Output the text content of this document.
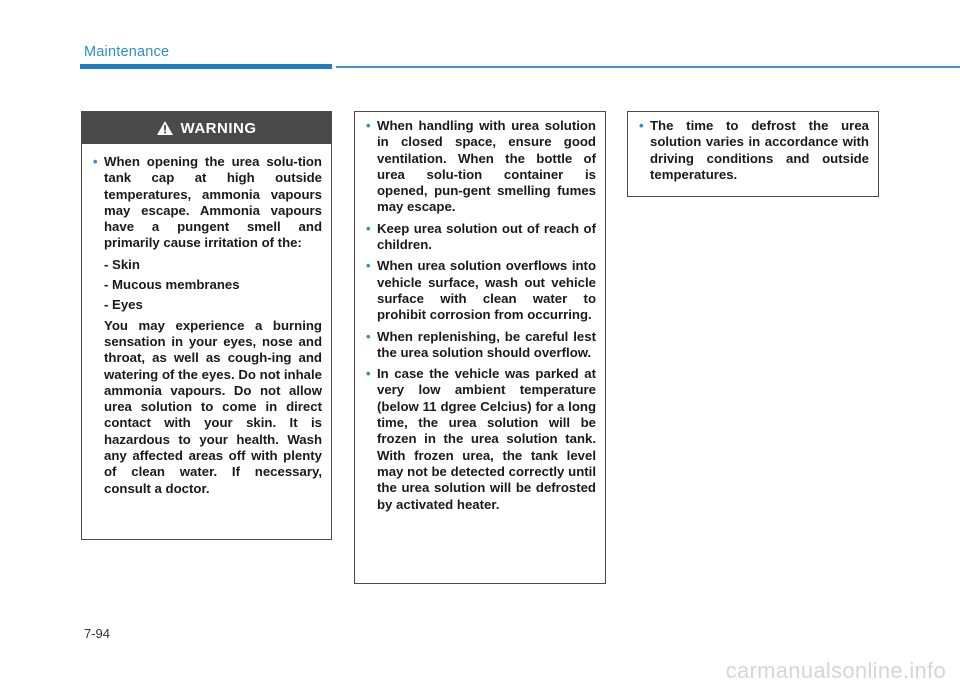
Maintenance
WARNING
• When opening the urea solu-tion tank cap at high outside temperatures, ammonia vapours may escape. Ammonia vapours have a pungent smell and primarily cause irritation of the:
- Skin
- Mucous membranes
- Eyes
You may experience a burning sensation in your eyes, nose and throat, as well as cough-ing and watering of the eyes. Do not inhale ammonia vapours. Do not allow urea solution to come in direct contact with your skin. It is hazardous to your health. Wash any affected areas off with plenty of clean water. If necessary, consult a doctor.
• When handling with urea solution in closed space, ensure good ventilation. When the bottle of urea solu-tion container is opened, pun-gent smelling fumes may escape.
• Keep urea solution out of reach of children.
• When urea solution overflows into vehicle surface, wash out vehicle surface with clean water to prohibit corrosion from occurring.
• When replenishing, be careful lest the urea solution should overflow.
• In case the vehicle was parked at very low ambient temperature (below 11 dgree Celcius) for a long time, the urea solution will be frozen in the urea solution tank. With frozen urea, the tank level may not be detected correctly until the urea solution will be defrosted by activated heater.
• The time to defrost the urea solution varies in accordance with driving conditions and outside temperatures.
7-94
carmanualsonline.info
